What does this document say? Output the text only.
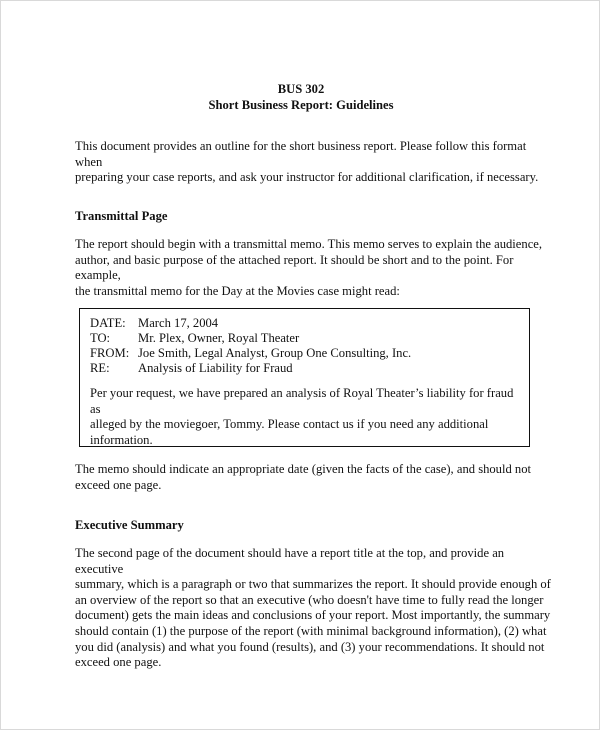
BUS 302
Short Business Report: Guidelines
This document provides an outline for the short business report. Please follow this format when
preparing your case reports, and ask your instructor for additional clarification, if necessary.
Transmittal Page
The report should begin with a transmittal memo. This memo serves to explain the audience,
author, and basic purpose of the attached report. It should be short and to the point. For example,
the transmittal memo for the Day at the Movies case might read:
DATE: March 17, 2004
TO: Mr. Plex, Owner, Royal Theater
FROM: Joe Smith, Legal Analyst, Group One Consulting, Inc.
RE: Analysis of Liability for Fraud
Per your request, we have prepared an analysis of Royal Theater’s liability for fraud as
alleged by the moviegoer, Tommy. Please contact us if you need any additional
information.
The memo should indicate an appropriate date (given the facts of the case), and should not
exceed one page.
Executive Summary
The second page of the document should have a report title at the top, and provide an executive
summary, which is a paragraph or two that summarizes the report. It should provide enough of
an overview of the report so that an executive (who doesn't have time to fully read the longer
document) gets the main ideas and conclusions of your report. Most importantly, the summary
should contain (1) the purpose of the report (with minimal background information), (2) what
you did (analysis) and what you found (results), and (3) your recommendations. It should not
exceed one page.
